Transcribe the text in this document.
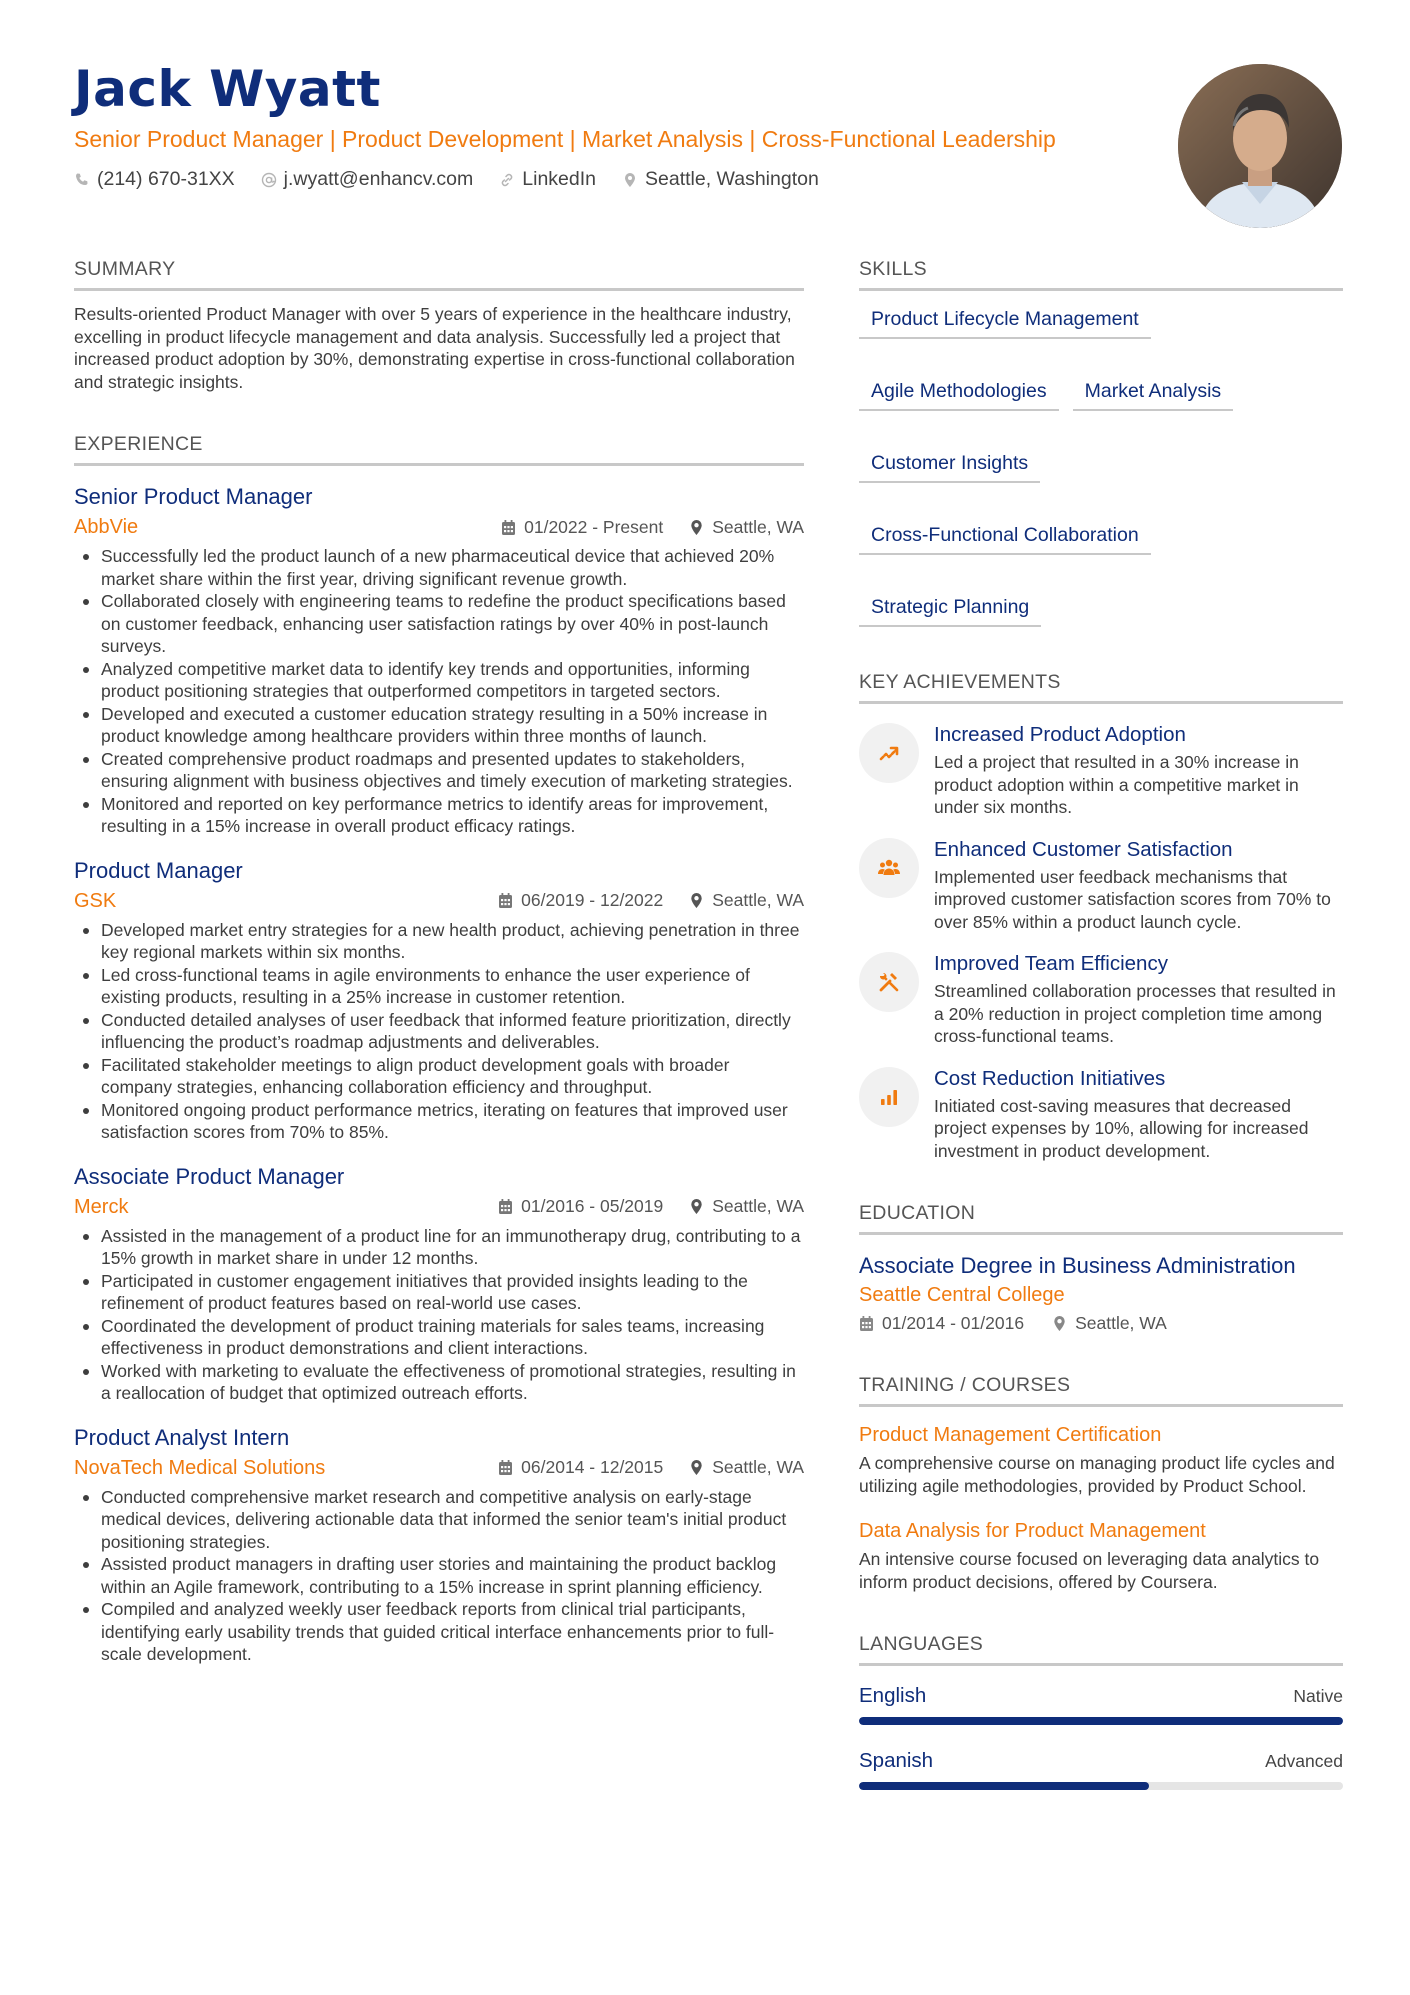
Jack Wyatt
Senior Product Manager | Product Development | Market Analysis | Cross-Functional Leadership
(214) 670-31XX	j.wyatt@enhancv.com	LinkedIn	Seattle, Washington
SUMMARY

Results-oriented Product Manager with over 5 years of experience in the healthcare industry, excelling in product lifecycle management and data analysis. Successfully led a project that increased product adoption by 30%, demonstrating expertise in cross-functional collaboration and strategic insights.

EXPERIENCE
Senior Product Manager
AbbVie	01/2022 - Present	Seattle, WA
Successfully led the product launch of a new pharmaceutical device that achieved 20% market share within the first year, driving significant revenue growth.
Collaborated closely with engineering teams to redefine the product specifications based on customer feedback, enhancing user satisfaction ratings by over 40% in post-launch surveys.
Analyzed competitive market data to identify key trends and opportunities, informing product positioning strategies that outperformed competitors in targeted sectors.
Developed and executed a customer education strategy resulting in a 50% increase in product knowledge among healthcare providers within three months of launch.
Created comprehensive product roadmaps and presented updates to stakeholders, ensuring alignment with business objectives and timely execution of marketing strategies.
Monitored and reported on key performance metrics to identify areas for improvement, resulting in a 15% increase in overall product efficacy ratings.
Product Manager
GSK	06/2019 - 12/2022	Seattle, WA
Developed market entry strategies for a new health product, achieving penetration in three key regional markets within six months.
Led cross-functional teams in agile environments to enhance the user experience of existing products, resulting in a 25% increase in customer retention.
Conducted detailed analyses of user feedback that informed feature prioritization, directly influencing the product’s roadmap adjustments and deliverables.
Facilitated stakeholder meetings to align product development goals with broader company strategies, enhancing collaboration efficiency and throughput.
Monitored ongoing product performance metrics, iterating on features that improved user satisfaction scores from 70% to 85%.
Associate Product Manager
Merck	01/2016 - 05/2019	Seattle, WA
Assisted in the management of a product line for an immunotherapy drug, contributing to a 15% growth in market share in under 12 months.
Participated in customer engagement initiatives that provided insights leading to the refinement of product features based on real-world use cases.
Coordinated the development of product training materials for sales teams, increasing effectiveness in product demonstrations and client interactions.
Worked with marketing to evaluate the effectiveness of promotional strategies, resulting in a reallocation of budget that optimized outreach efforts.
Product Analyst Intern
NovaTech Medical Solutions	06/2014 - 12/2015	Seattle, WA
Conducted comprehensive market research and competitive analysis on early-stage medical devices, delivering actionable data that informed the senior team's initial product positioning strategies.
Assisted product managers in drafting user stories and maintaining the product backlog within an Agile framework, contributing to a 15% increase in sprint planning efficiency.
Compiled and analyzed weekly user feedback reports from clinical trial participants, identifying early usability trends that guided critical interface enhancements prior to full-scale development.
SKILLS
Product Lifecycle Management
Agile Methodologies	Market Analysis
Customer Insights
Cross-Functional Collaboration
Strategic Planning
KEY ACHIEVEMENTS
Increased Product Adoption
Led a project that resulted in a 30% increase in product adoption within a competitive market in under six months.
Enhanced Customer Satisfaction
Implemented user feedback mechanisms that improved customer satisfaction scores from 70% to over 85% within a product launch cycle.
Improved Team Efficiency
Streamlined collaboration processes that resulted in a 20% reduction in project completion time among cross-functional teams.
Cost Reduction Initiatives
Initiated cost-saving measures that decreased project expenses by 10%, allowing for increased investment in product development.
EDUCATION
Associate Degree in Business Administration
Seattle Central College
01/2014 - 01/2016	Seattle, WA
TRAINING / COURSES
Product Management Certification
A comprehensive course on managing product life cycles and utilizing agile methodologies, provided by Product School.
Data Analysis for Product Management
An intensive course focused on leveraging data analytics to inform product decisions, offered by Coursera.
LANGUAGES
English	Native
Spanish	Advanced
